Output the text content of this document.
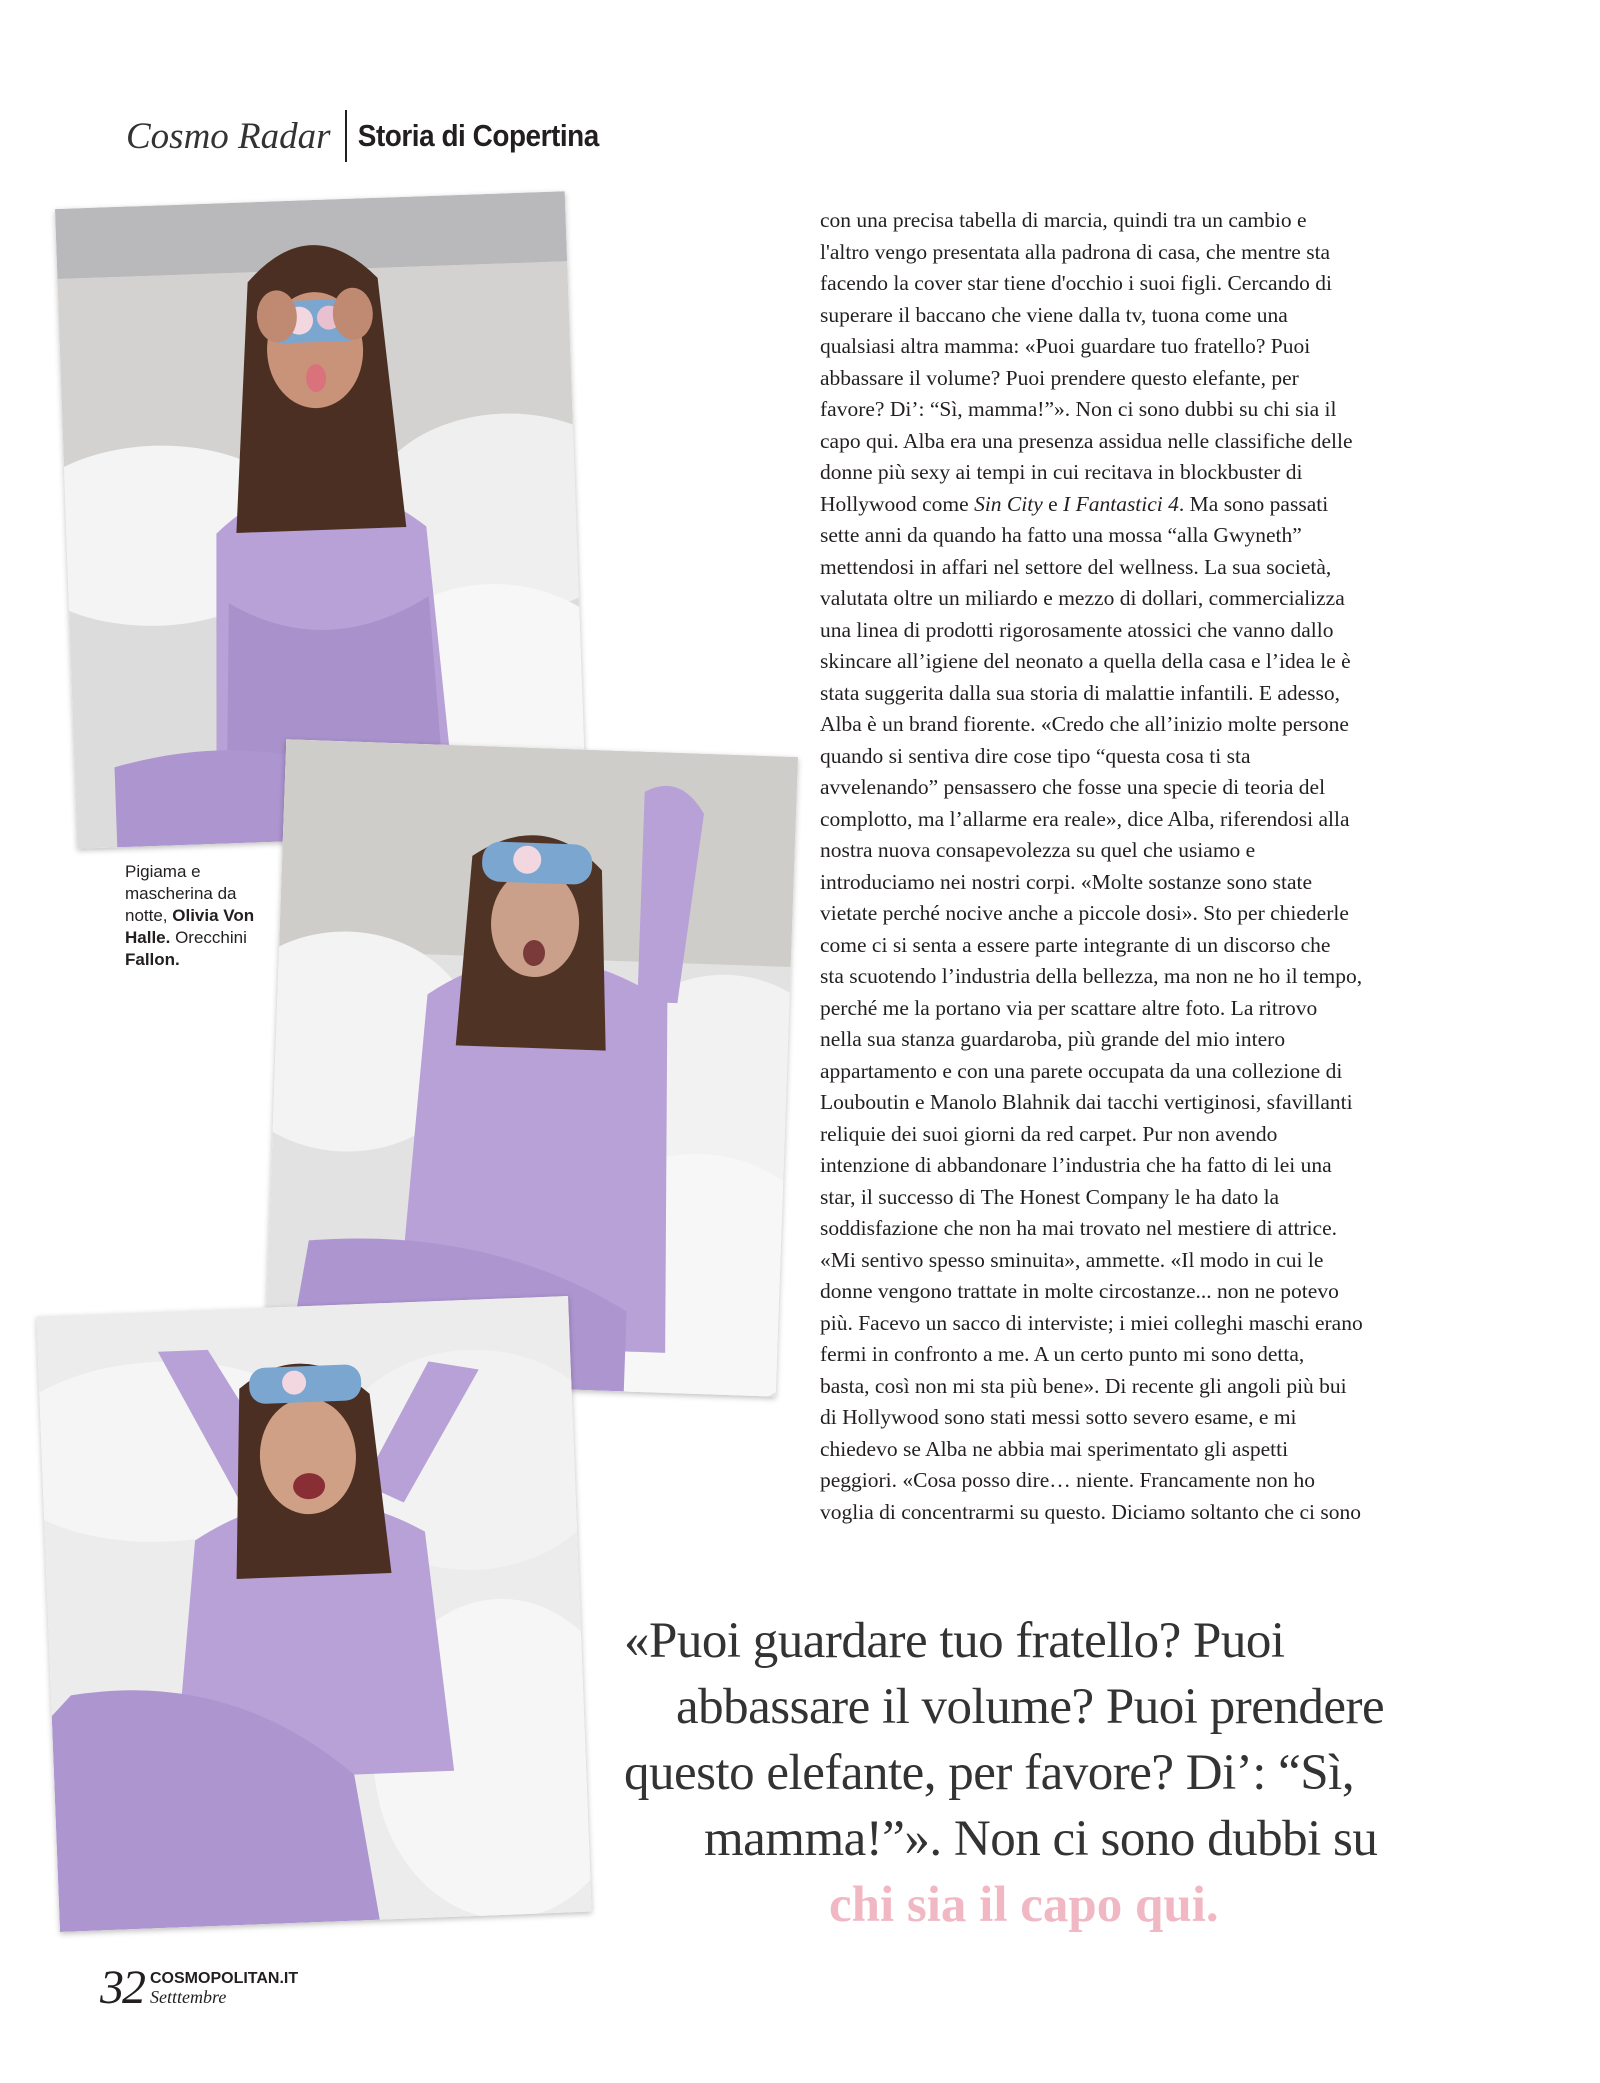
Cosmo Radar Storia di Copertina
Pigiama e mascherina da notte, Olivia Von Halle. Orecchini Fallon.

con una precisa tabella di marcia, quindi tra un cambio e

l'altro vengo presentata alla padrona di casa, che mentre sta

facendo la cover star tiene d'occhio i suoi figli. Cercando di

superare il baccano che viene dalla tv, tuona come una

qualsiasi altra mamma: «Puoi guardare tuo fratello? Puoi

abbassare il volume? Puoi prendere questo elefante, per

favore? Di’: “Sì, mamma!”». Non ci sono dubbi su chi sia il

capo qui. Alba era una presenza assidua nelle classifiche delle

donne più sexy ai tempi in cui recitava in blockbuster di

Hollywood come Sin City e I Fantastici 4. Ma sono passati

sette anni da quando ha fatto una mossa “alla Gwyneth”

mettendosi in affari nel settore del wellness. La sua società,

valutata oltre un miliardo e mezzo di dollari, commercializza

una linea di prodotti rigorosamente atossici che vanno dallo

skincare all’igiene del neonato a quella della casa e l’idea le è

stata suggerita dalla sua storia di malattie infantili. E adesso,

Alba è un brand fiorente. «Credo che all’inizio molte persone

quando si sentiva dire cose tipo “questa cosa ti sta

avvelenando” pensassero che fosse una specie di teoria del

complotto, ma l’allarme era reale», dice Alba, riferendosi alla

nostra nuova consapevolezza su quel che usiamo e

introduciamo nei nostri corpi. «Molte sostanze sono state

vietate perché nocive anche a piccole dosi». Sto per chiederle

come ci si senta a essere parte integrante di un discorso che

sta scuotendo l’industria della bellezza, ma non ne ho il tempo,

perché me la portano via per scattare altre foto. La ritrovo

nella sua stanza guardaroba, più grande del mio intero

appartamento e con una parete occupata da una collezione di

Louboutin e Manolo Blahnik dai tacchi vertiginosi, sfavillanti

reliquie dei suoi giorni da red carpet. Pur non avendo

intenzione di abbandonare l’industria che ha fatto di lei una

star, il successo di The Honest Company le ha dato la

soddisfazione che non ha mai trovato nel mestiere di attrice.

«Mi sentivo spesso sminuita», ammette. «Il modo in cui le

donne vengono trattate in molte circostanze... non ne potevo

più. Facevo un sacco di interviste; i miei colleghi maschi erano

fermi in confronto a me. A un certo punto mi sono detta,

basta, così non mi sta più bene». Di recente gli angoli più bui

di Hollywood sono stati messi sotto severo esame, e mi

chiedevo se Alba ne abbia mai sperimentato gli aspetti

peggiori. «Cosa posso dire… niente. Francamente non ho

voglia di concentrarmi su questo. Diciamo soltanto che ci sono

«Puoi guardare tuo fratello? Puoi
abbassare il volume? Puoi prendere
questo elefante, per favore? Di’: “Sì,
mamma!”». Non ci sono dubbi su
chi sia il capo qui.
32 COSMOPOLITAN.IT
Setttembre
